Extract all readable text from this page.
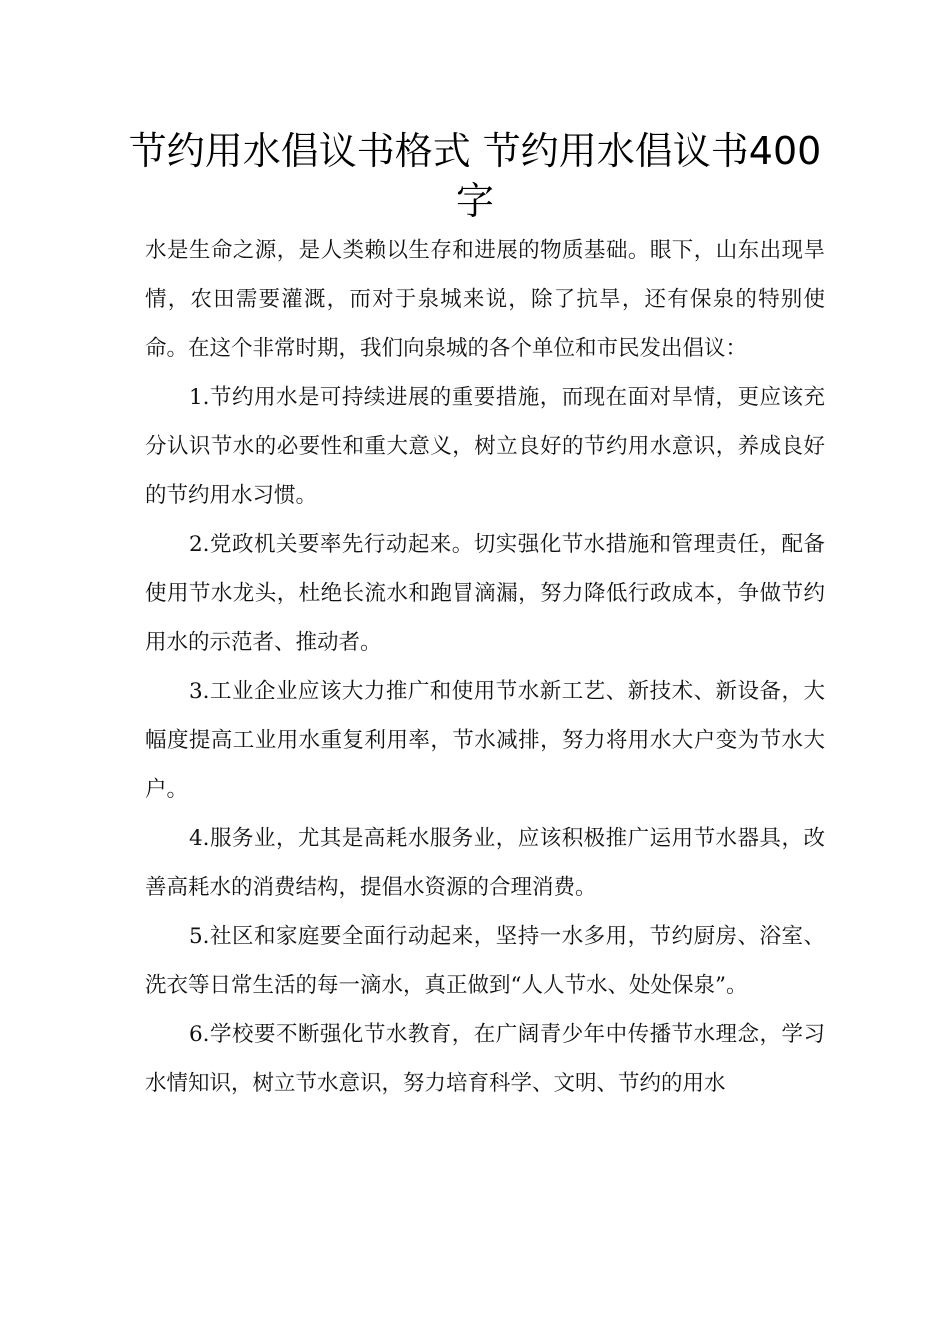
节约用水倡议书格式 节约用水倡议书400字

水是生命之源，是人类赖以生存和进展的物质基础。眼下，山东出现旱情，农田需要灌溉，而对于泉城来说，除了抗旱，还有保泉的特别使命。在这个非常时期，我们向泉城的各个单位和市民发出倡议：

1.节约用水是可持续进展的重要措施，而现在面对旱情，更应该充分认识节水的必要性和重大意义，树立良好的节约用水意识，养成良好的节约用水习惯。

2.党政机关要率先行动起来。切实强化节水措施和管理责任，配备使用节水龙头，杜绝长流水和跑冒滴漏，努力降低行政成本，争做节约用水的示范者、推动者。

3.工业企业应该大力推广和使用节水新工艺、新技术、新设备，大幅度提高工业用水重复利用率，节水减排，努力将用水大户变为节水大户。

4.服务业，尤其是高耗水服务业，应该积极推广运用节水器具，改善高耗水的消费结构，提倡水资源的合理消费。

5.社区和家庭要全面行动起来，坚持一水多用，节约厨房、浴室、洗衣等日常生活的每一滴水，真正做到“人人节水、处处保泉”。

6.学校要不断强化节水教育，在广阔青少年中传播节水理念，学习水情知识，树立节水意识，努力培育科学、文明、节约的用水
